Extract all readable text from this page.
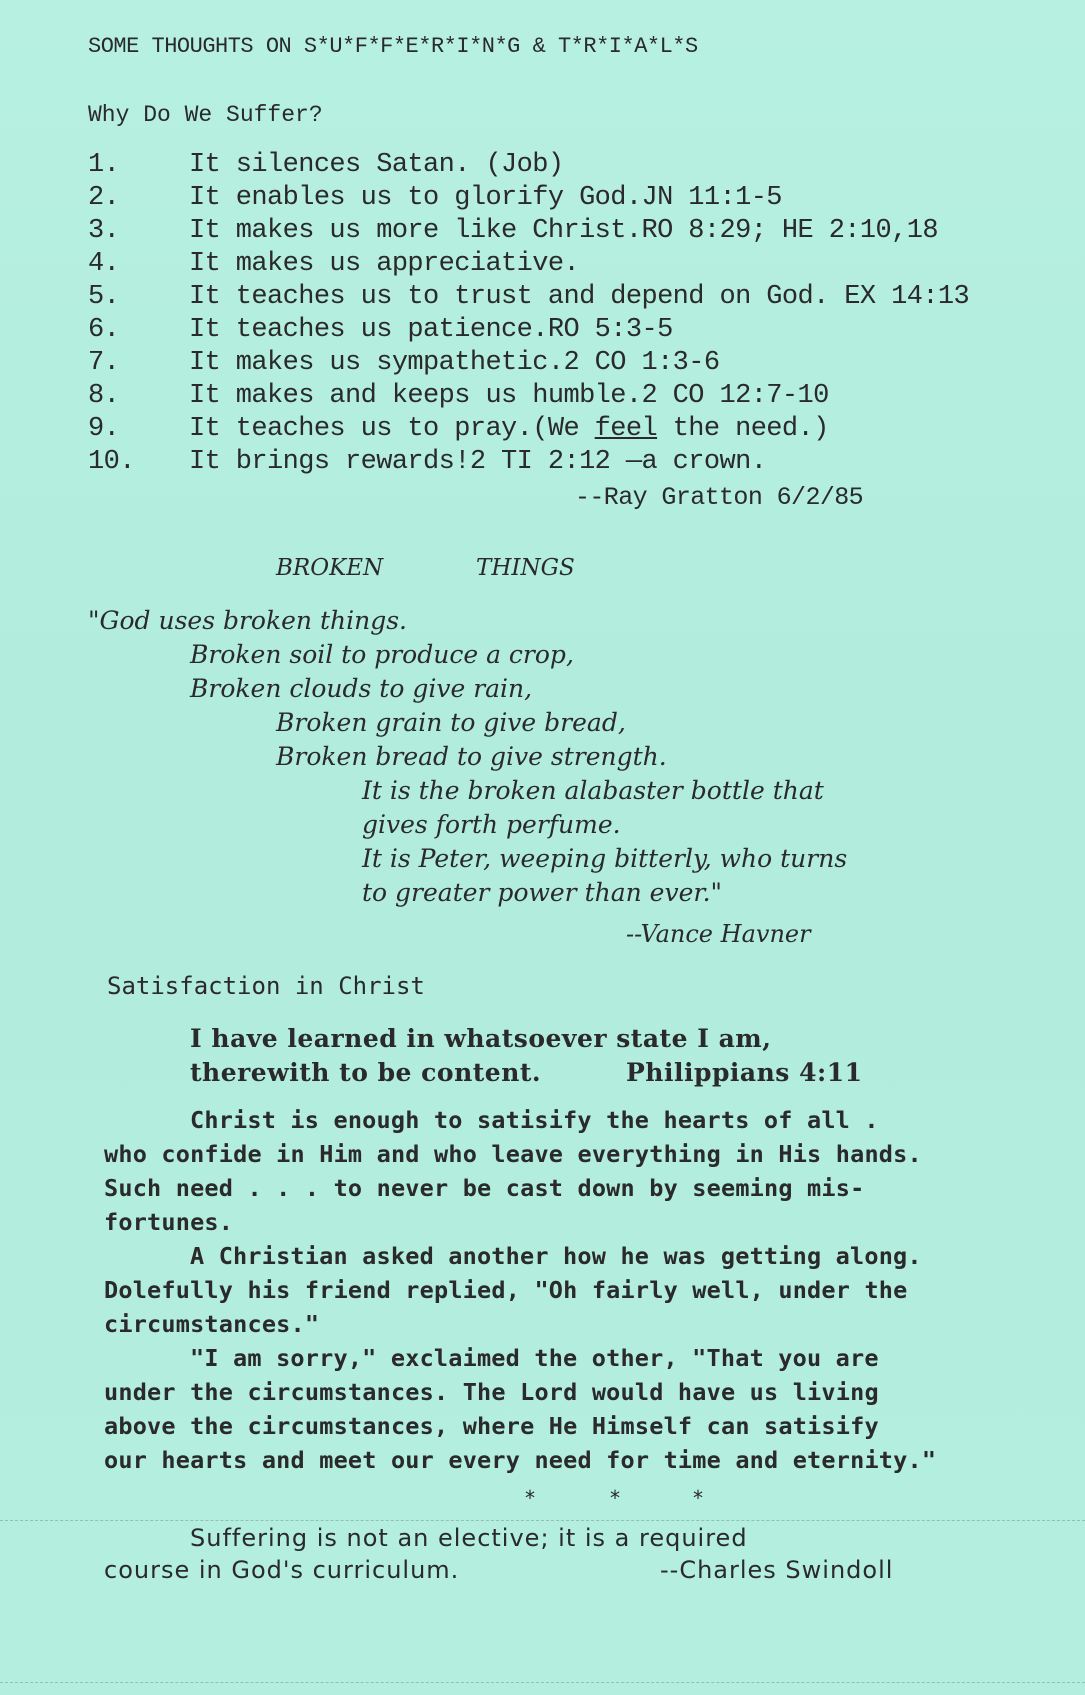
SOME THOUGHTS ON S*U*F*F*E*R*I*N*G & T*R*I*A*L*S
Why Do We Suffer?
1.	It silences Satan. (Job)
2.	It enables us to glorify God.JN 11:1-5
3.	It makes us more like Christ.RO 8:29; HE 2:10,18
4.	It makes us appreciative.
5.	It teaches us to trust and depend on God. EX 14:13
6.	It teaches us patience.RO 5:3-5
7.	It makes us sympathetic.2 CO 1:3-6
8.	It makes and keeps us humble.2 CO 12:7-10
9.	It teaches us to pray.(We feel the need.)
10. It brings rewards!2 TI 2:12 —a crown.
--Ray Gratton 6/2/85
BROKEN	THINGS
"God uses broken things.
Broken soil to produce a crop,
Broken clouds to give rain,
Broken grain to give bread,
Broken bread to give strength.
It is the broken alabaster bottle that
gives forth perfume.
It is Peter, weeping bitterly, who turns
to greater power than ever."
--Vance Havner
Satisfaction in Christ
I have learned in whatsoever state I am,
therewith to be content.	Philippians 4:11
Christ is enough to satisify the hearts of all .
who confide in Him and who leave everything in His hands.
Such need . . . to never be cast down by seeming mis-
fortunes.
A Christian asked another how he was getting along.
Dolefully his friend replied, "Oh fairly well, under the
circumstances."
"I am sorry," exclaimed the other, "That you are
under the circumstances. The Lord would have us living
above the circumstances, where He Himself can satisify
our hearts and meet our every need for time and eternity."
*	*	*
Suffering is not an elective; it is a required
course in God's curriculum.	--Charles Swindoll
